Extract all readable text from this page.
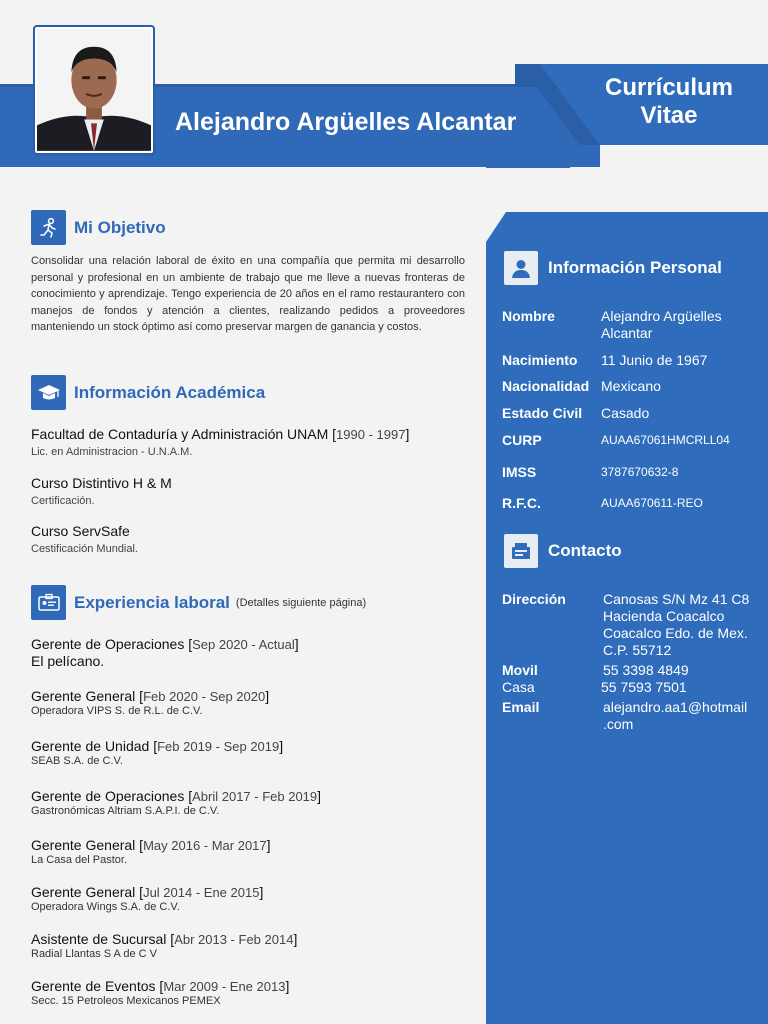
Alejandro Argüelles Alcantar
Currículum
Vitae
Mi Objetivo
Consolidar una relación laboral de éxito en una compañía que permita mi desarrollo personal y profesional en un ambiente de trabajo que me lleve a nuevas fronteras de conocimiento y aprendizaje. Tengo experiencia de 20 años en el ramo restaurantero con manejos de fondos y atención a clientes, realizando pedidos a proveedores manteniendo un stock óptimo así como preservar margen de ganancia y costos.
Información Académica
Facultad de Contaduría y Administración UNAM [1990 - 1997]
Lic. en Administracion - U.N.A.M.
Curso Distintivo H & M
Certificación.
Curso ServSafe
Cestificación Mundial.
Experiencia laboral (Detalles siguiente página)
Gerente de Operaciones [Sep 2020 - Actual]
El pelícano.
Gerente General [Feb 2020 - Sep 2020]
Operadora VIPS S. de R.L. de C.V.
Gerente de Unidad [Feb 2019 - Sep 2019]
SEAB S.A. de C.V.
Gerente de Operaciones [Abril 2017 - Feb 2019]
Gastronómicas Altriam S.A.P.I. de C.V.
Gerente General [May 2016 - Mar 2017]
La Casa del Pastor.
Gerente General [Jul 2014 - Ene 2015]
Operadora Wings S.A. de C.V.
Asistente de Sucursal [Abr 2013 - Feb 2014]
Radial Llantas S A de C V
Gerente de Eventos [Mar 2009 - Ene 2013]
Secc. 15 Petroleos Mexicanos PEMEX
Información Personal
Nombre	Alejandro Argüelles Alcantar
Nacimiento 11 Junio de 1967
Nacionalidad Mexicano
Estado Civil Casado
CURP	AUAA67061HMCRLL04
IMSS	3787670632-8
R.F.C.	AUAA670611-REO
Contacto
Dirección	Canosas S/N Mz 41 C8
Hacienda Coacalco
Coacalco Edo. de Mex.
C.P. 55712
Movil	55 3398 4849
Casa	55 7593 7501
Email	alejandro.aa1@hotmail
.com
